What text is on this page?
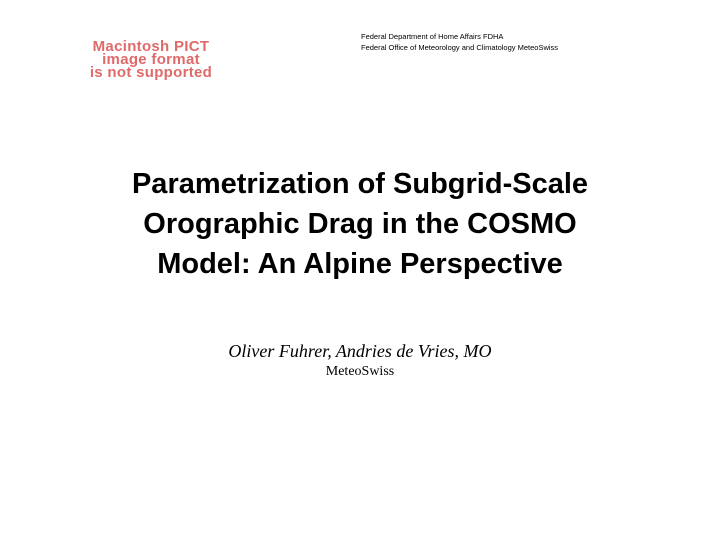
Macintosh PICT
image format
is not supported
Federal Department of Home Affairs FDHA
Federal Office of Meteorology and Climatology MeteoSwiss
Parametrization of Subgrid-Scale
Orographic Drag in the COSMO
Model: An Alpine Perspective
Oliver Fuhrer, Andries de Vries, MO
MeteoSwiss
